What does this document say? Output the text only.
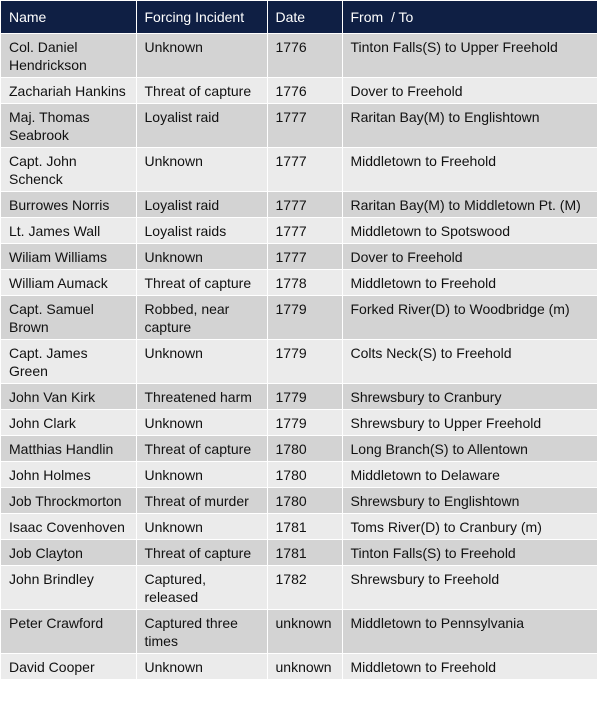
Name	Forcing Incident	Date	From  / To
Col. Daniel Hendrickson	Unknown	1776	Tinton Falls(S) to Upper Freehold
Zachariah Hankins	Threat of capture	1776	Dover to Freehold
Maj. Thomas Seabrook	Loyalist raid	1777	Raritan Bay(M) to Englishtown
Capt. John Schenck	Unknown	1777	Middletown to Freehold
Burrowes Norris	Loyalist raid	1777	Raritan Bay(M) to Middletown Pt. (M)
Lt. James Wall	Loyalist raids	1777	Middletown to Spotswood
Wiliam Williams	Unknown	1777	Dover to Freehold
William Aumack	Threat of capture	1778	Middletown to Freehold
Capt. Samuel Brown	Robbed, near capture	1779	Forked River(D) to Woodbridge (m)
Capt. James Green	Unknown	1779	Colts Neck(S) to Freehold
John Van Kirk	Threatened harm	1779	Shrewsbury to Cranbury
John Clark	Unknown	1779	Shrewsbury to Upper Freehold
Matthias Handlin	Threat of capture	1780	Long Branch(S) to Allentown
John Holmes	Unknown	1780	Middletown to Delaware
Job Throckmorton	Threat of murder	1780	Shrewsbury to Englishtown
Isaac Covenhoven	Unknown	1781	Toms River(D) to Cranbury (m)
Job Clayton	Threat of capture	1781	Tinton Falls(S) to Freehold
John Brindley	Captured, released	1782	Shrewsbury to Freehold
Peter Crawford	Captured three times	unknown	Middletown to Pennsylvania
David Cooper	Unknown	unknown	Middletown to Freehold
